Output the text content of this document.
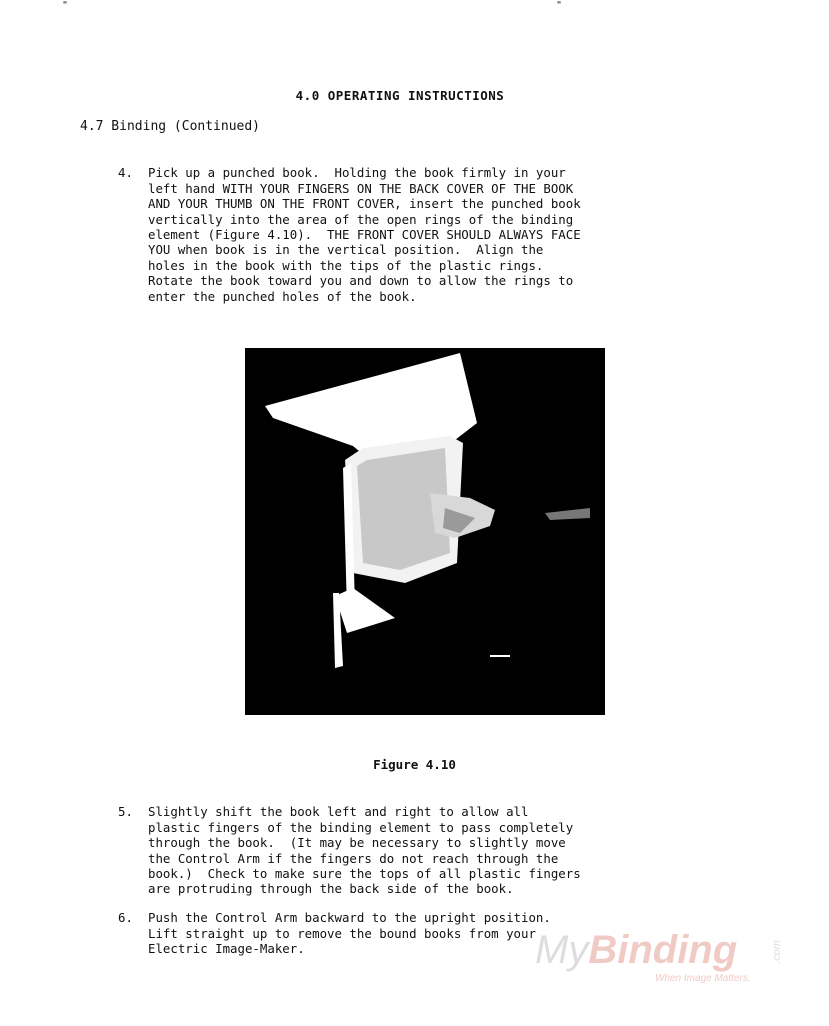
"	"
4.0 OPERATING INSTRUCTIONS
4.7 Binding (Continued)

4. Pick up a punched book.  Holding the book firmly in your
left hand WITH YOUR FINGERS ON THE BACK COVER OF THE BOOK
AND YOUR THUMB ON THE FRONT COVER, insert the punched book
vertically into the area of the open rings of the binding
element (Figure 4.10).  THE FRONT COVER SHOULD ALWAYS FACE
YOU when book is in the vertical position.  Align the
holes in the book with the tips of the plastic rings.
Rotate the book toward you and down to allow the rings to
enter the punched holes of the book.

Figure 4.10

5. Slightly shift the book left and right to allow all
plastic fingers of the binding element to pass completely
through the book.  (It may be necessary to slightly move
the Control Arm if the fingers do not reach through the
book.)  Check to make sure the tops of all plastic fingers
are protruding through the back side of the book.

6. Push the Control Arm backward to the upright position.
Lift straight up to remove the bound books from your
Electric Image-Maker.	MyBinding	.com
When Image Matters.
